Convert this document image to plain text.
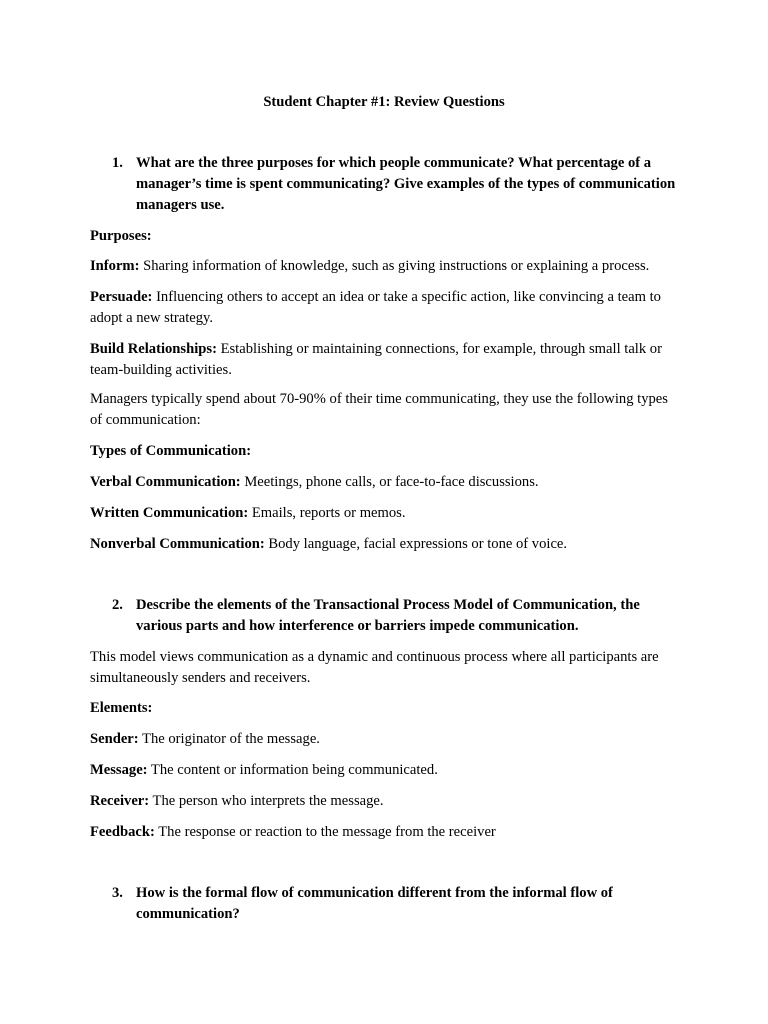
Student Chapter #1: Review Questions
1. What are the three purposes for which people communicate? What percentage of a manager’s time is spent communicating? Give examples of the types of communication managers use.
Purposes:
Inform: Sharing information of knowledge, such as giving instructions or explaining a process.
Persuade: Influencing others to accept an idea or take a specific action, like convincing a team to adopt a new strategy.
Build Relationships: Establishing or maintaining connections, for example, through small talk or team-building activities.
Managers typically spend about 70-90% of their time communicating, they use the following types of communication:
Types of Communication:
Verbal Communication: Meetings, phone calls, or face-to-face discussions.
Written Communication: Emails, reports or memos.
Nonverbal Communication: Body language, facial expressions or tone of voice.
2. Describe the elements of the Transactional Process Model of Communication, the various parts and how interference or barriers impede communication.
This model views communication as a dynamic and continuous process where all participants are simultaneously senders and receivers.
Elements:
Sender: The originator of the message.
Message: The content or information being communicated.
Receiver: The person who interprets the message.
Feedback: The response or reaction to the message from the receiver
3. How is the formal flow of communication different from the informal flow of communication?
